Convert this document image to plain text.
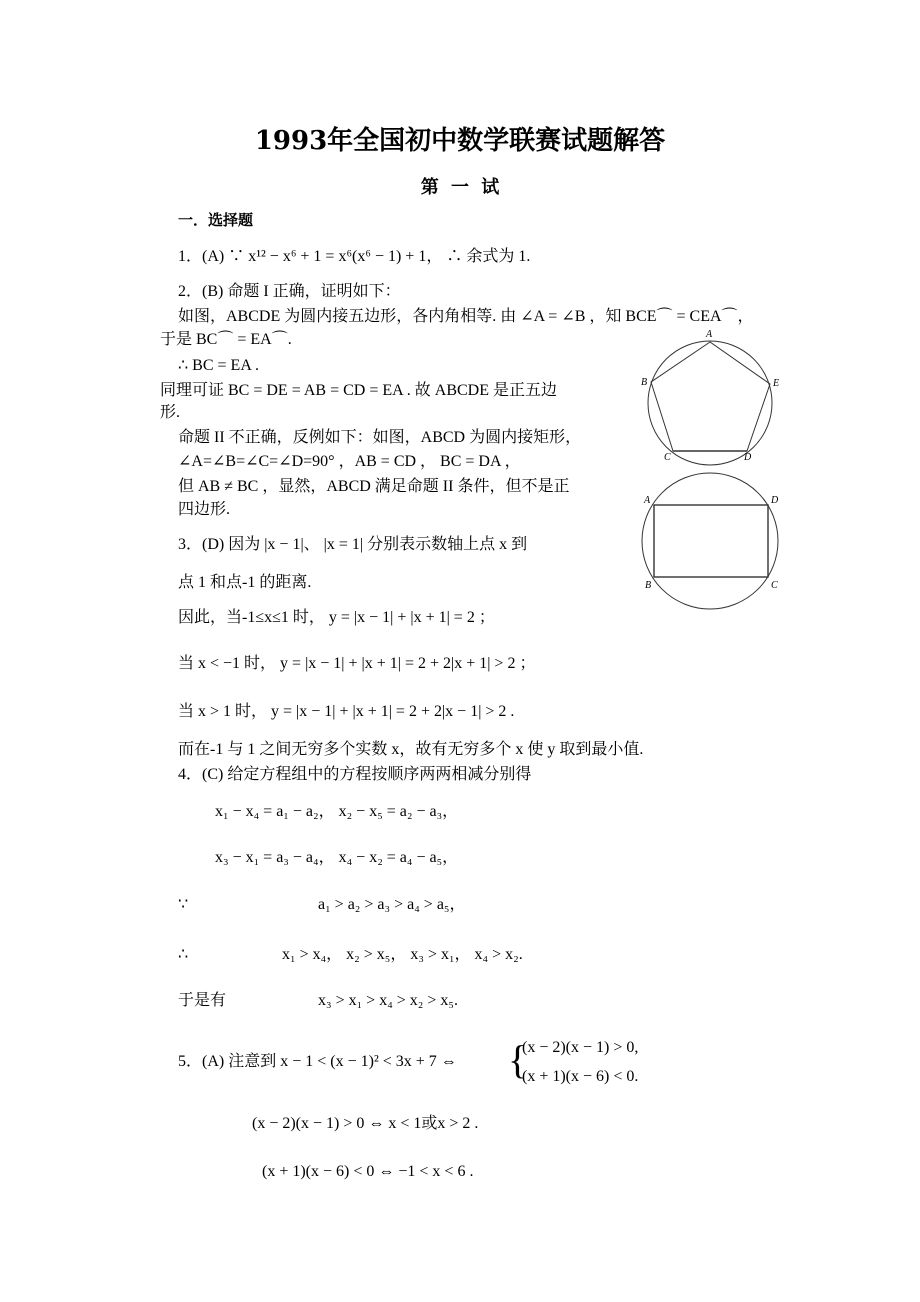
1993年全国初中数学联赛试题解答
第 一 试
一．选择题
1．(A) ∵ x¹² − x⁶ + 1 = x⁶(x⁶ − 1) + 1， ∴ 余式为 1.
2．(B) 命题 I 正确，证明如下：
如图，ABCDE 为圆内接五边形，各内角相等. 由 ∠A = ∠B ，知 BCE⌒ = CEA⌒，
于是 BC⌒ = EA⌒.
∴ BC = EA .
同理可证 BC = DE = AB = CD = EA . 故 ABCDE 是正五边
形.
命题 II 不正确，反例如下：如图，ABCD 为圆内接矩形，
∠A=∠B=∠C=∠D=90° ，AB = CD ， BC = DA ，
但 AB ≠ BC ，显然，ABCD 满足命题 II 条件，但不是正
四边形.
3．(D) 因为 |x − 1|、 |x = 1| 分别表示数轴上点 x 到
点 1 和点-1 的距离.
因此，当-1≤x≤1 时， y = |x − 1| + |x + 1| = 2 ；
当 x < −1 时， y = |x − 1| + |x + 1| = 2 + 2|x + 1| > 2 ；
当 x > 1 时， y = |x − 1| + |x + 1| = 2 + 2|x − 1| > 2 .
而在-1 与 1 之间无穷多个实数 x，故有无穷多个 x 使 y 取到最小值.
4．(C) 给定方程组中的方程按顺序两两相减分别得
x₁ − x₄ = a₁ − a₂， x₂ − x₅ = a₂ − a₃，
x₃ − x₁ = a₃ − a₄， x₄ − x₂ = a₄ − a₅，
∵	a₁ > a₂ > a₃ > a₄ > a₅，
∴	x₁ > x₄， x₂ > x₅， x₃ > x₁， x₄ > x₂.
于是有	x₃ > x₁ > x₄ > x₂ > x₅.
5．(A) 注意到 x − 1 < (x − 1)² < 3x + 7 ⇔
(x − 2)(x − 1) > 0,
(x + 1)(x − 6) < 0.
(x − 2)(x − 1) > 0 ⇔ x < 1或x > 2 .
(x + 1)(x − 6) < 0 ⇔ −1 < x < 6 .
A
B	E
C	D
A	D
B	C
{
